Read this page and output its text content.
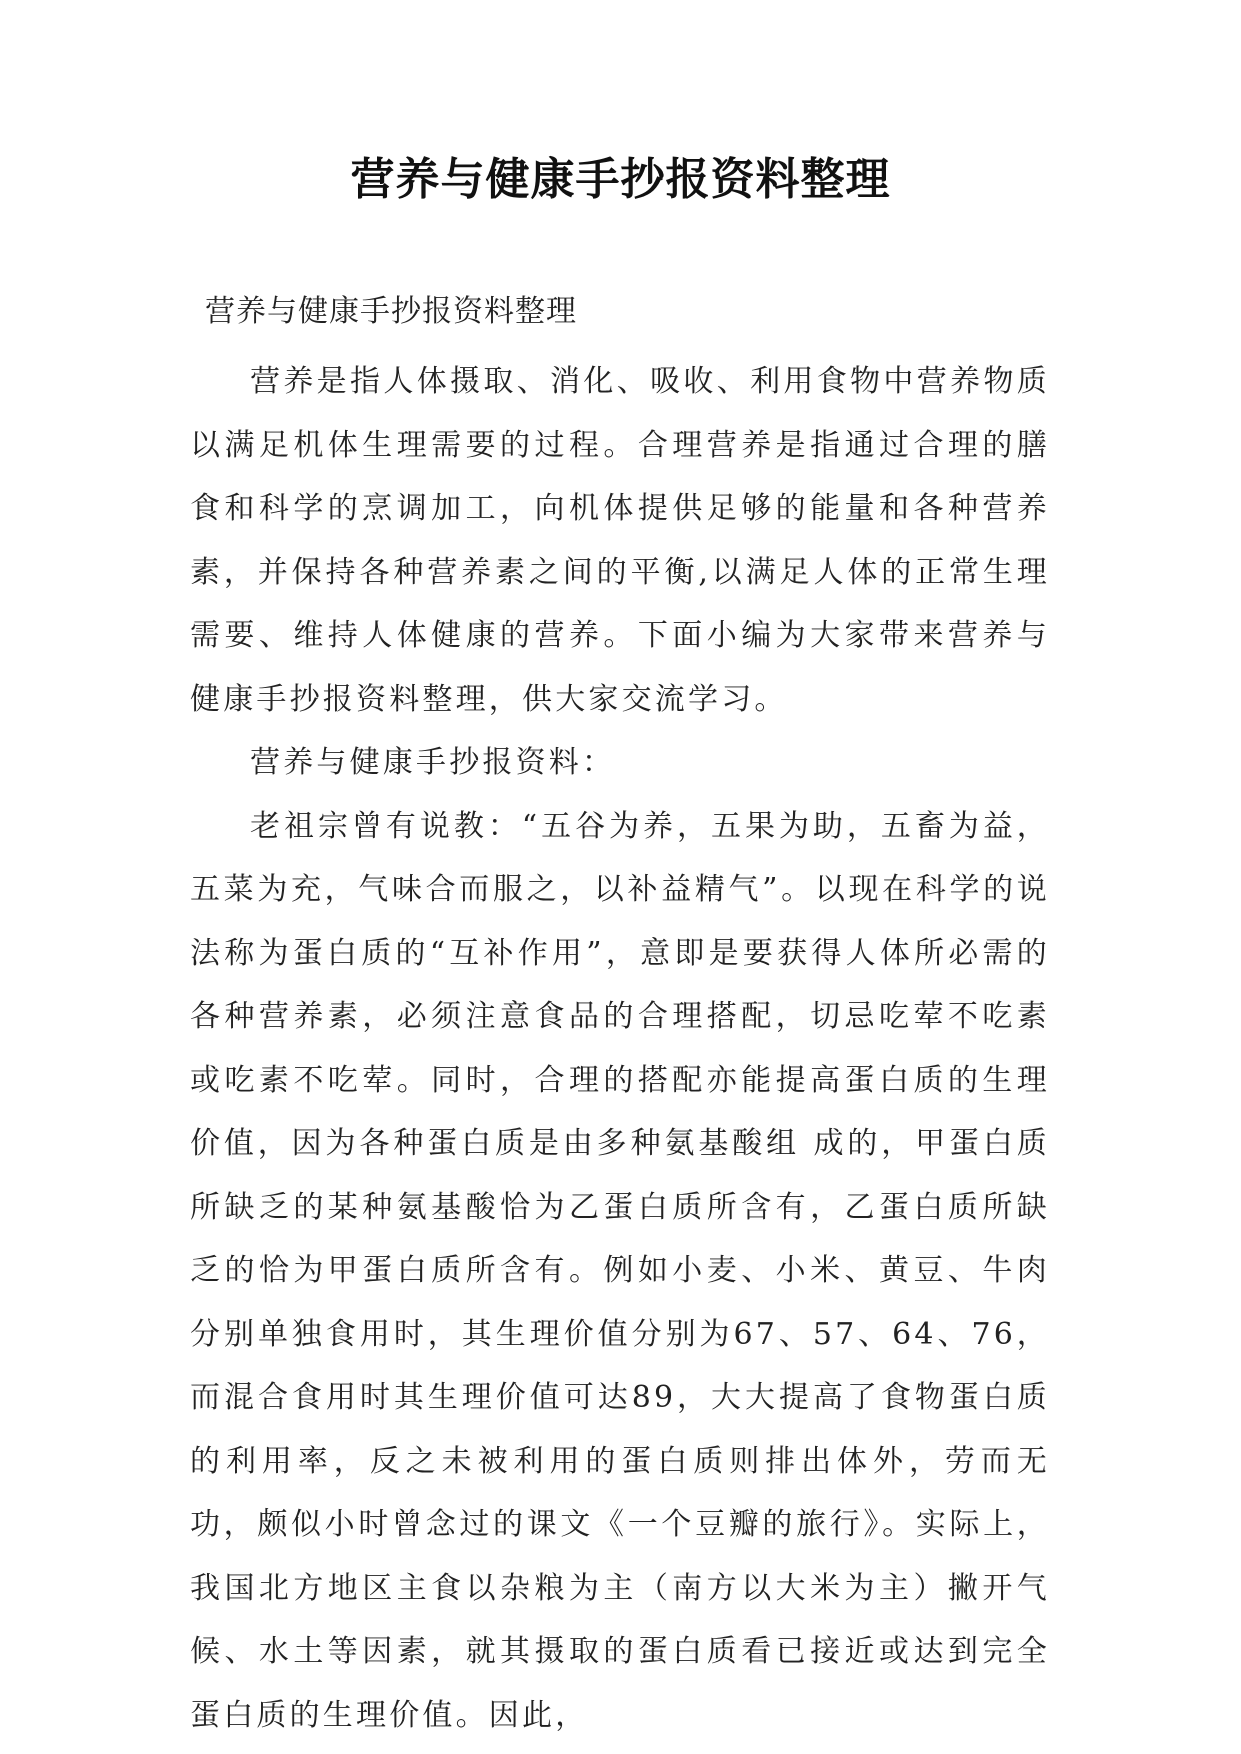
营养与健康手抄报资料整理
营养与健康手抄报资料整理

营养是指人体摄取、消化、吸收、利用食物中营养物质以满足机体生理需要的过程。合理营养是指通过合理的膳食和科学的烹调加工，向机体提供足够的能量和各种营养素，并保持各种营养素之间的平衡,以满足人体的正常生理需要、维持人体健康的营养。下面小编为大家带来营养与健康手抄报资料整理，供大家交流学习。

营养与健康手抄报资料：

老祖宗曾有说教：“五谷为养，五果为助，五畜为益，五菜为充，气味合而服之，以补益精气”。以现在科学的说法称为蛋白质的“互补作用”，意即是要获得人体所必需的各种营养素，必须注意食品的合理搭配，切忌吃荤不吃素或吃素不吃荤。同时，合理的搭配亦能提高蛋白质的生理价值，因为各种蛋白质是由多种氨基酸组 成的，甲蛋白质所缺乏的某种氨基酸恰为乙蛋白质所含有，乙蛋白质所缺乏的恰为甲蛋白质所含有。例如小麦、小米、黄豆、牛肉分别单独食用时，其生理价值分别为67、57、64、76，而混合食用时其生理价值可达89，大大提高了食物蛋白质的利用率，反之未被利用的蛋白质则排出体外，劳而无功，颇似小时曾念过的课文《一个豆瓣的旅行》。实际上，我国北方地区主食以杂粮为主（南方以大米为主）撇开气候、水土等因素，就其摄取的蛋白质看已接近或达到完全蛋白质的生理价值。因此，
